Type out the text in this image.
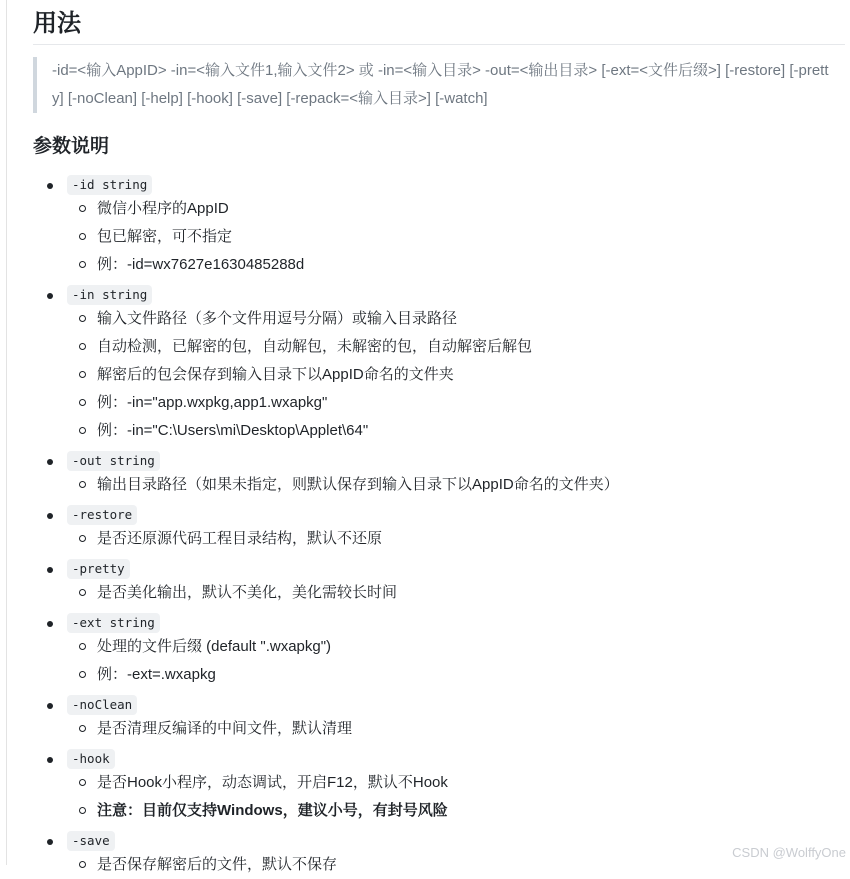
用法
-id=<输入AppID> -in=<输入文件1,输入文件2> 或 -in=<输入目录> -out=<输出目录> [-ext=<文件后缀>] [-restore] [-pretty] [-noClean] [-help] [-hook] [-save] [-repack=<输入目录>] [-watch]
参数说明
-id string
微信小程序的AppID
包已解密，可不指定
例：-id=wx7627e1630485288d
-in string
输入文件路径（多个文件用逗号分隔）或输入目录路径
自动检测，已解密的包，自动解包，未解密的包，自动解密后解包
解密后的包会保存到输入目录下以AppID命名的文件夹
例：-in="app.wxpkg,app1.wxapkg"
例：-in="C:\Users\mi\Desktop\Applet\64"
-out string
输出目录路径（如果未指定，则默认保存到输入目录下以AppID命名的文件夹）
-restore
是否还原源代码工程目录结构，默认不还原
-pretty
是否美化输出，默认不美化，美化需较长时间
-ext string
处理的文件后缀 (default ".wxapkg")
例：-ext=.wxapkg
-noClean
是否清理反编译的中间文件，默认清理
-hook
是否Hook小程序，动态调试，开启F12，默认不Hook
注意：目前仅支持Windows，建议小号，有封号风险
-save
是否保存解密后的文件，默认不保存
CSDN @WolffyOne
